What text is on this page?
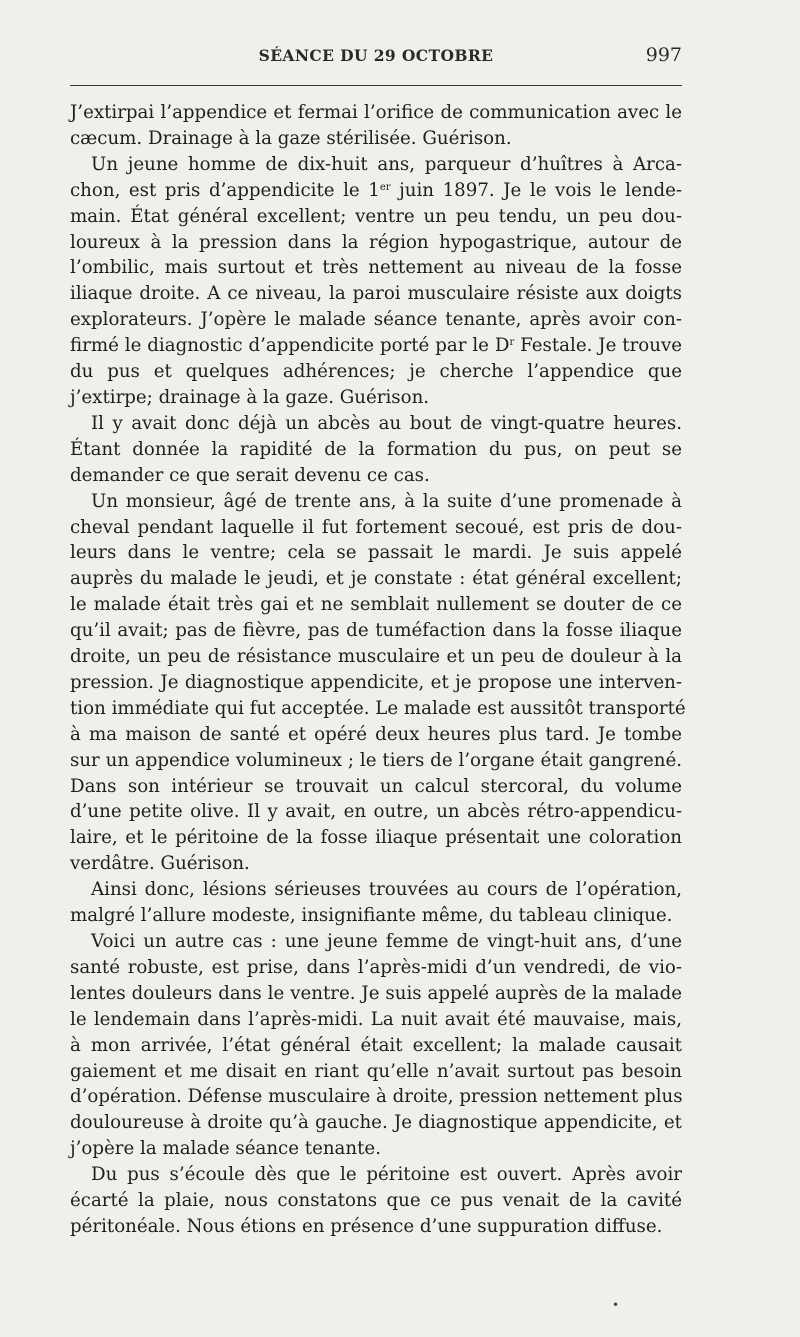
SÉANCE DU 29 OCTOBRE	997
J’extirpai l’appendice et fermai l’orifice de communication avec le
cæcum. Drainage à la gaze stérilisée. Guérison.
Un jeune homme de dix-huit ans, parqueur d’huîtres à Arca-
chon, est pris d’appendicite le 1er juin 1897. Je le vois le lende-
main. État général excellent; ventre un peu tendu, un peu dou-
loureux à la pression dans la région hypogastrique, autour de
l’ombilic, mais surtout et très nettement au niveau de la fosse
iliaque droite. A ce niveau, la paroi musculaire résiste aux doigts
explorateurs. J’opère le malade séance tenante, après avoir con-
firmé le diagnostic d’appendicite porté par le $D^r$ Festale. Je trouve
du pus et quelques adhérences; je cherche l’appendice que
j’extirpe; drainage à la gaze. Guérison.
Il y avait donc déjà un abcès au bout de vingt-quatre heures.
Étant donnée la rapidité de la formation du pus, on peut se
demander ce que serait devenu ce cas.
Un monsieur, âgé de trente ans, à la suite d’une promenade à
cheval pendant laquelle il fut fortement secoué, est pris de dou-
leurs dans le ventre; cela se passait le mardi. Je suis appelé
auprès du malade le jeudi, et je constate : état général excellent;
le malade était très gai et ne semblait nullement se douter de ce
qu’il avait; pas de fièvre, pas de tuméfaction dans la fosse iliaque
droite, un peu de résistance musculaire et un peu de douleur à la
pression. Je diagnostique appendicite, et je propose une interven-
tion immédiate qui fut acceptée. Le malade est aussitôt transporté
à ma maison de santé et opéré deux heures plus tard. Je tombe
sur un appendice volumineux ; le tiers de l’organe était gangrené.
Dans son intérieur se trouvait un calcul stercoral, du volume
d’une petite olive. Il y avait, en outre, un abcès rétro-appendicu-
laire, et le péritoine de la fosse iliaque présentait une coloration
verdâtre. Guérison.
Ainsi donc, lésions sérieuses trouvées au cours de l’opération,
malgré l’allure modeste, insignifiante même, du tableau clinique.
Voici un autre cas : une jeune femme de vingt-huit ans, d’une
santé robuste, est prise, dans l’après-midi d’un vendredi, de vio-
lentes douleurs dans le ventre. Je suis appelé auprès de la malade
le lendemain dans l’après-midi. La nuit avait été mauvaise, mais,
à mon arrivée, l’état général était excellent; la malade causait
gaiement et me disait en riant qu’elle n’avait surtout pas besoin
d’opération. Défense musculaire à droite, pression nettement plus
douloureuse à droite qu’à gauche. Je diagnostique appendicite, et
j’opère la malade séance tenante.
Du pus s’écoule dès que le péritoine est ouvert. Après avoir
écarté la plaie, nous constatons que ce pus venait de la cavité
péritonéale. Nous étions en présence d’une suppuration diffuse.
•
